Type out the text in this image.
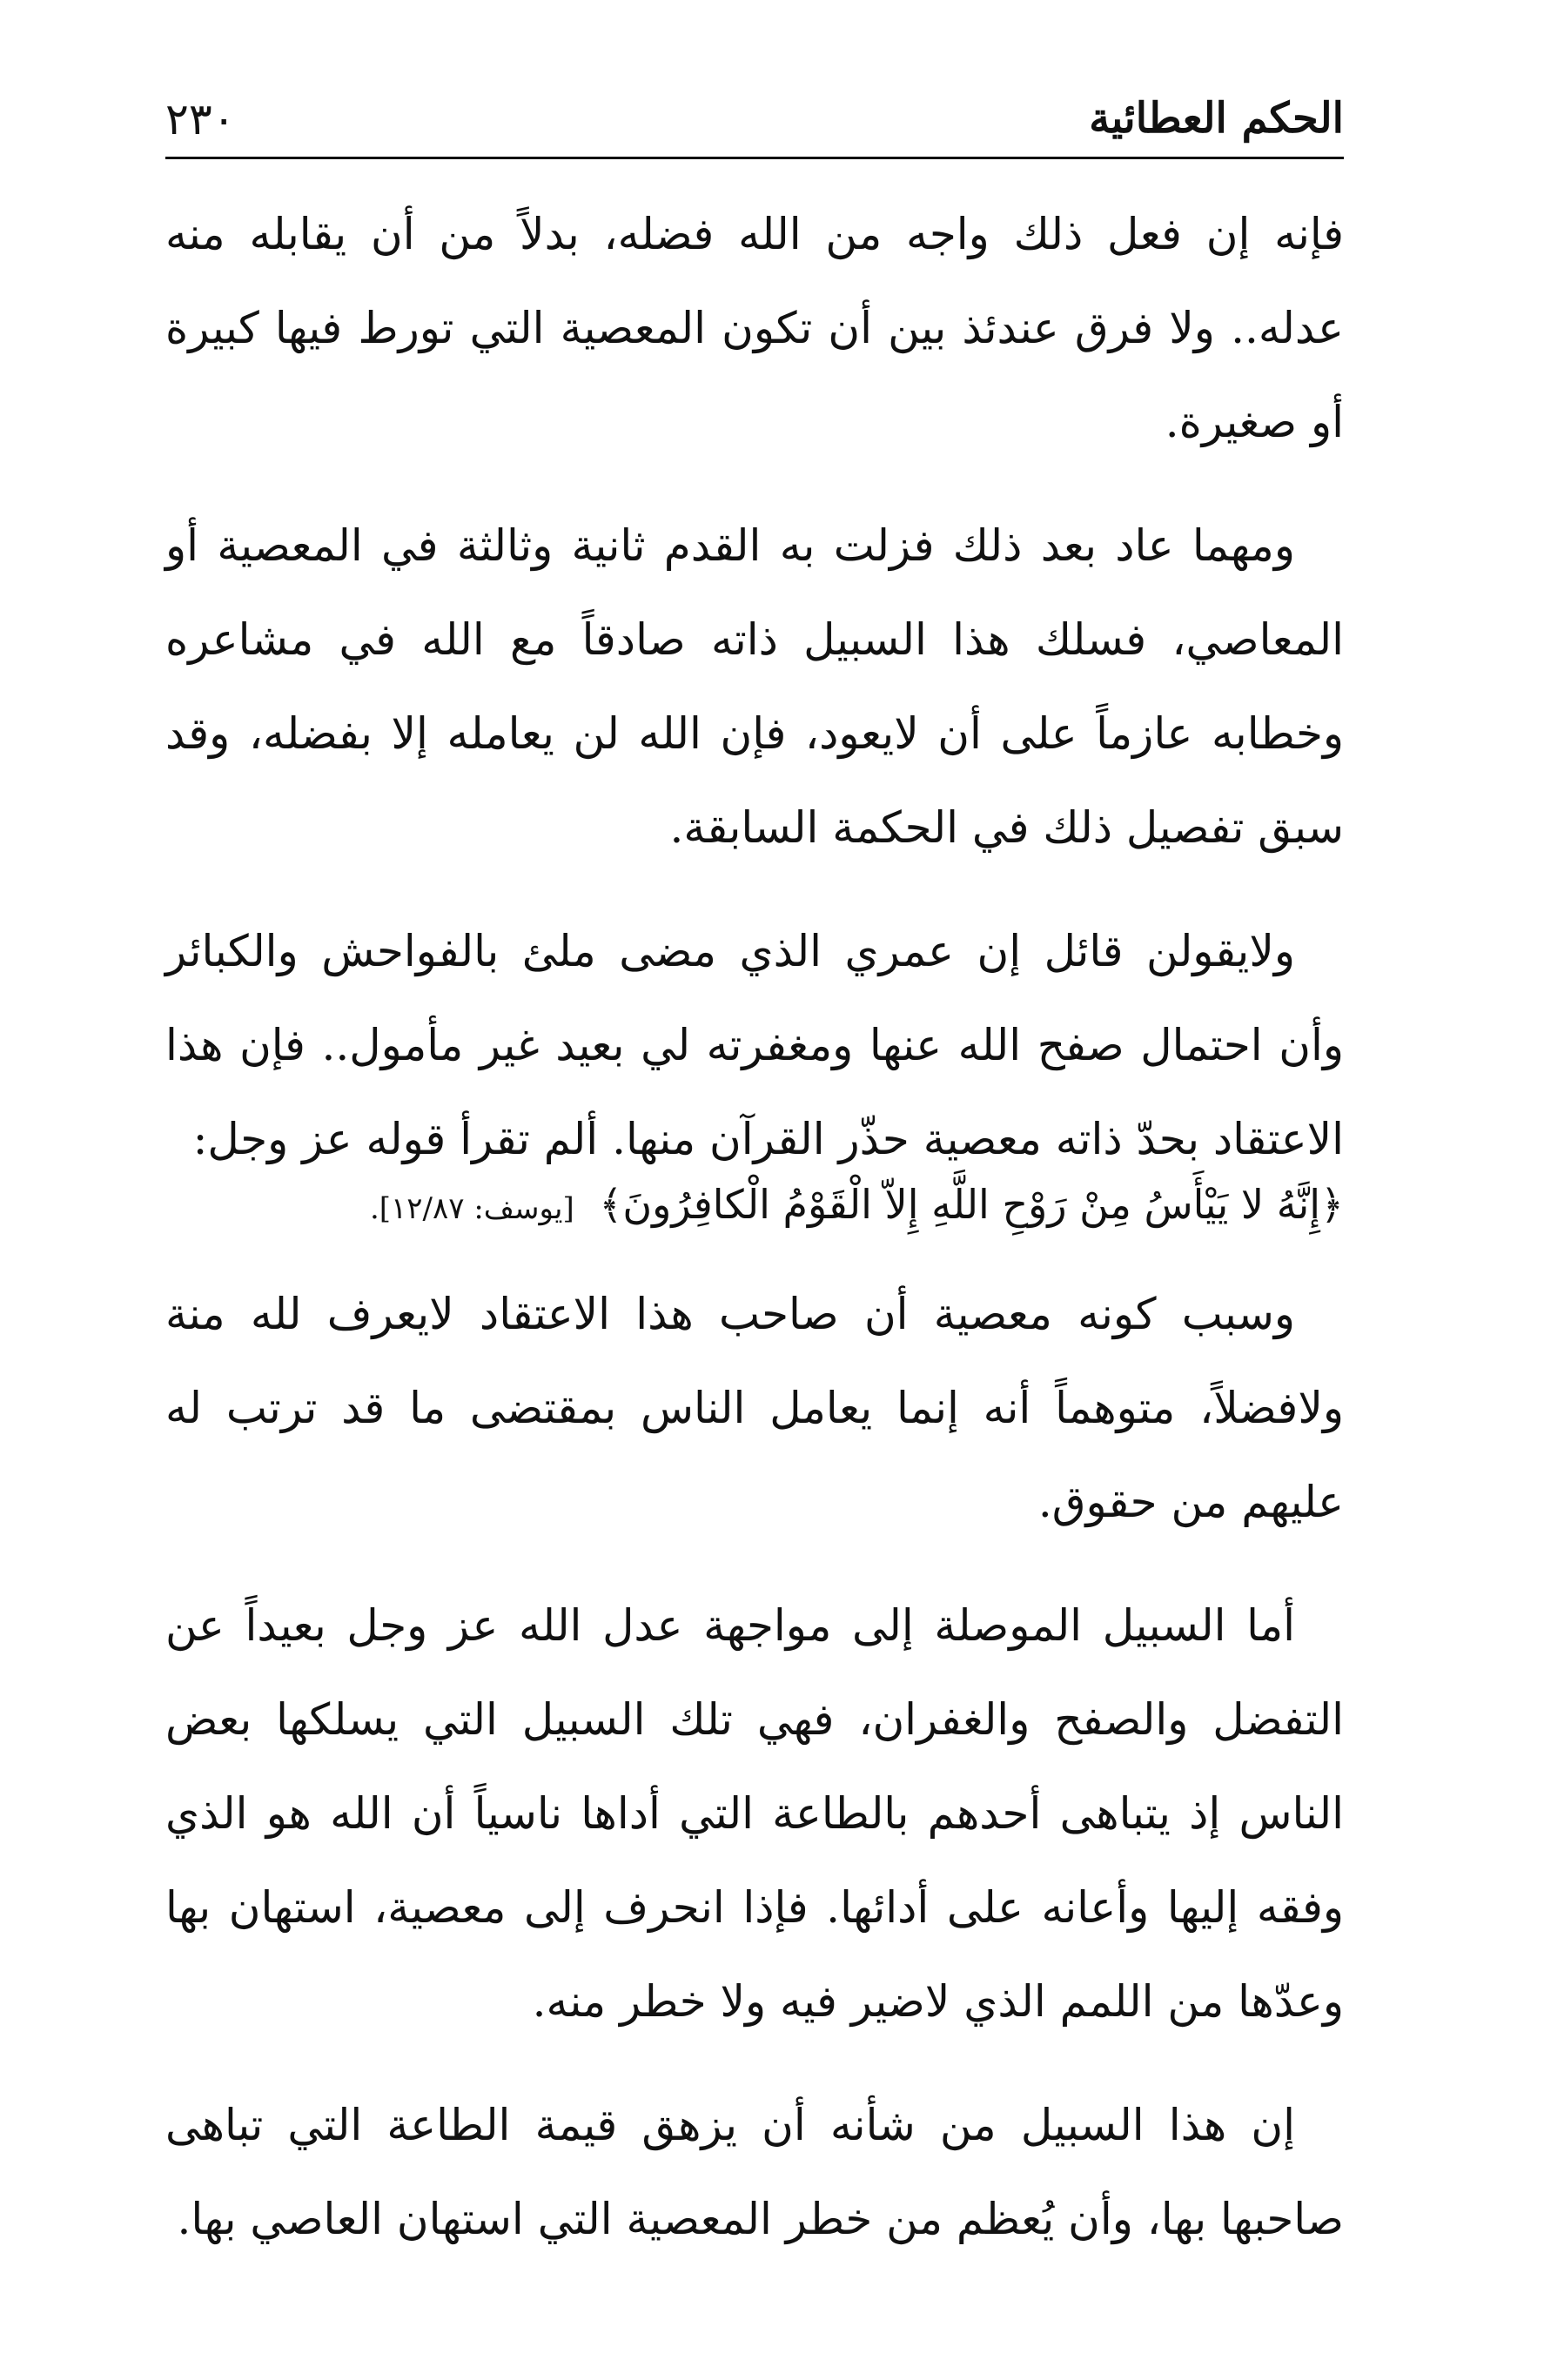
الحكم العطائية
٢٣٠

فإنه إن فعل ذلك واجه من الله فضله، بدلاً من أن يقابله منه عدله.. ولا فرق عندئذ بين أن تكون المعصية التي تورط فيها كبيرة أو صغيرة.

ومهما عاد بعد ذلك فزلت به القدم ثانية وثالثة في المعصية أو المعاصي، فسلك هذا السبيل ذاته صادقاً مع الله في مشاعره وخطابه عازماً على أن لايعود، فإن الله لن يعامله إلا بفضله، وقد سبق تفصيل ذلك في الحكمة السابقة.

ولايقولن قائل إن عمري الذي مضى ملئ بالفواحش والكبائر وأن احتمال صفح الله عنها ومغفرته لي بعيد غير مأمول.. فإن هذا الاعتقاد بحدّ ذاته معصية حذّر القرآن منها. ألم تقرأ قوله عز وجل:

﴿إِنَّهُ لا يَيْأَسُ مِنْ رَوْحِ اللَّهِ إِلاّ الْقَوْمُ الْكافِرُونَ﴾ [يوسف: ١٢/٨٧].

وسبب كونه معصية أن صاحب هذا الاعتقاد لايعرف لله منة ولافضلاً، متوهماً أنه إنما يعامل الناس بمقتضى ما قد ترتب له عليهم من حقوق.

أما السبيل الموصلة إلى مواجهة عدل الله عز وجل بعيداً عن التفضل والصفح والغفران، فهي تلك السبيل التي يسلكها بعض الناس إذ يتباهى أحدهم بالطاعة التي أداها ناسياً أن الله هو الذي وفقه إليها وأعانه على أدائها. فإذا انحرف إلى معصية، استهان بها وعدّها من اللمم الذي لاضير فيه ولا خطر منه.

إن هذا السبيل من شأنه أن يزهق قيمة الطاعة التي تباهى صاحبها بها، وأن يُعظم من خطر المعصية التي استهان العاصي بها.
